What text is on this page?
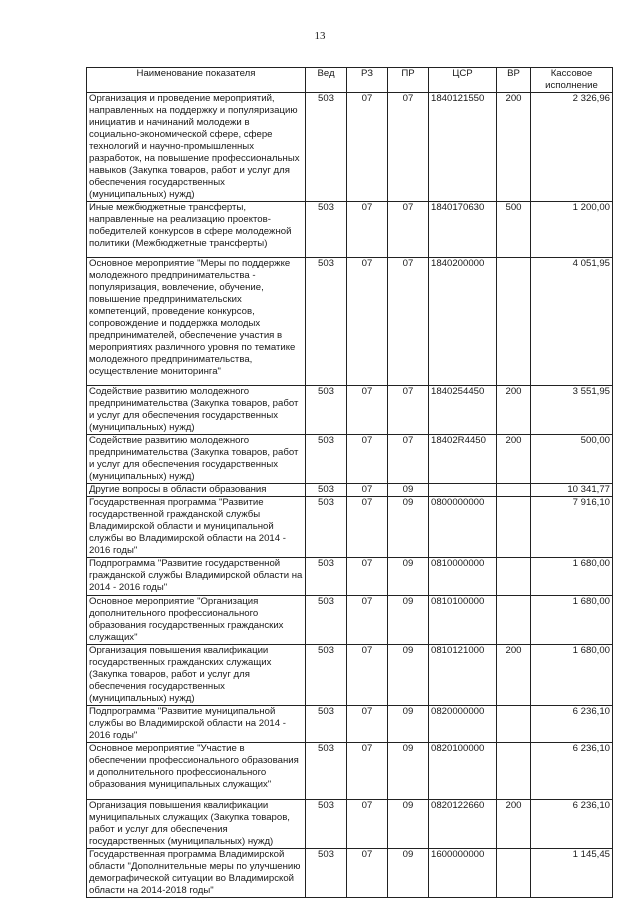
13
Наименование показателя	Вед	РЗ	ПР	ЦСР	ВР	Кассовое исполнение
Организация и проведение мероприятий, направленных на поддержку и популяризацию инициатив и начинаний молодежи в социально-экономической сфере, сфере технологий и научно-промышленных разработок, на повышение профессиональных навыков (Закупка товаров, работ и услуг для обеспечения государственных (муниципальных) нужд)	503	07	07	1840121550	200	2 326,96
Иные межбюджетные трансферты, направленные на реализацию проектов-победителей конкурсов в сфере молодежной политики (Межбюджетные трансферты)	503	07	07	1840170630	500	1 200,00
Основное мероприятие "Меры по поддержке молодежного предпринимательства - популяризация, вовлечение, обучение, повышение предпринимательских компетенций, проведение конкурсов, сопровождение и поддержка молодых предпринимателей, обеспечение участия в мероприятиях различного уровня по тематике молодежного предпринимательства, осуществление мониторинга"	503	07	07	1840200000		4 051,95
Содействие развитию молодежного предпринимательства (Закупка товаров, работ и услуг для обеспечения государственных (муниципальных) нужд)	503	07	07	1840254450	200	3 551,95
Содействие развитию молодежного предпринимательства (Закупка товаров, работ и услуг для обеспечения государственных (муниципальных) нужд)	503	07	07	18402R4450	200	500,00
Другие вопросы в области образования	503	07	09			10 341,77
Государственная программа "Развитие государственной гражданской службы Владимирской области и муниципальной службы во Владимирской области на 2014 - 2016 годы"	503	07	09	0800000000		7 916,10
Подпрограмма "Развитие государственной гражданской службы Владимирской области на 2014 - 2016 годы"	503	07	09	0810000000		1 680,00
Основное мероприятие "Организация дополнительного профессионального образования государственных гражданских служащих"	503	07	09	0810100000		1 680,00
Организация повышения квалификации государственных гражданских служащих (Закупка товаров, работ и услуг для обеспечения государственных (муниципальных) нужд)	503	07	09	0810121000	200	1 680,00
Подпрограмма "Развитие муниципальной службы во Владимирской области на 2014 - 2016 годы"	503	07	09	0820000000		6 236,10
Основное мероприятие "Участие в обеспечении профессионального образования и дополнительного профессионального образования муниципальных служащих"	503	07	09	0820100000		6 236,10
Организация повышения квалификации муниципальных служащих (Закупка товаров, работ и услуг для обеспечения государственных (муниципальных) нужд)	503	07	09	0820122660	200	6 236,10
Государственная программа Владимирской области "Дополнительные меры по улучшению демографической ситуации во Владимирской области на 2014-2018 годы"	503	07	09	1600000000		1 145,45
